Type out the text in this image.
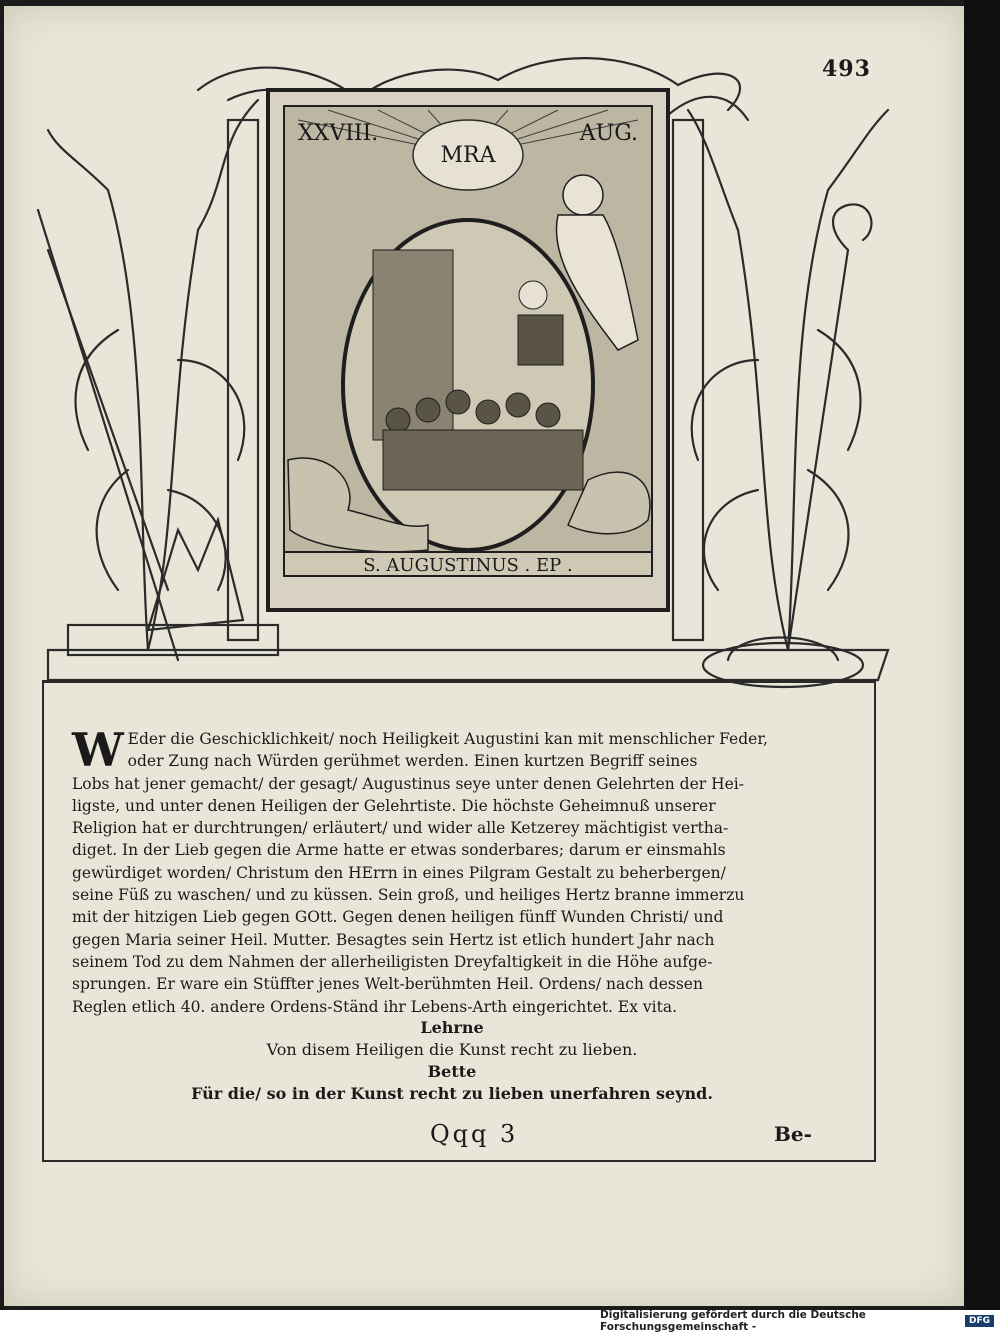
493
XXVIII.
MRA
AUG.
S. AUGUSTINUS . EP .
W Eder die Geschicklichkeit/ noch Heiligkeit Augustini kan mit menschlicher Feder,
oder Zung nach Würden gerühmet werden. Einen kurtzen Begriff seines
Lobs hat jener gemacht/ der gesagt/ Augustinus seye unter denen Gelehrten der Hei-
ligste, und unter denen Heiligen der Gelehrtiste. Die höchste Geheimnuß unserer
Religion hat er durchtrungen/ erläutert/ und wider alle Ketzerey mächtigist vertha-
diget. In der Lieb gegen die Arme hatte er etwas sonderbares; darum er einsmahls
gewürdiget worden/ Christum den HErrn in eines Pilgram Gestalt zu beherbergen/
seine Füß zu waschen/ und zu küssen. Sein groß, und heiliges Hertz branne immerzu
mit der hitzigen Lieb gegen GOtt. Gegen denen heiligen fünff Wunden Christi/ und
gegen Maria seiner Heil. Mutter. Besagtes sein Hertz ist etlich hundert Jahr nach
seinem Tod zu dem Nahmen der allerheiligisten Dreyfaltigkeit in die Höhe aufge-
sprungen. Er ware ein Stüffter jenes Welt-berühmten Heil. Ordens/ nach dessen
Reglen etlich 40. andere Ordens-Ständ ihr Lebens-Arth eingerichtet. Ex vita.
Lehrne
Von disem Heiligen die Kunst recht zu lieben.
Bette
Für die/ so in der Kunst recht zu lieben unerfahren seynd.
Qqq 3	Be-
Digitalisierung gefördert durch die Deutsche Forschungsgemeinschaft -	DFG
